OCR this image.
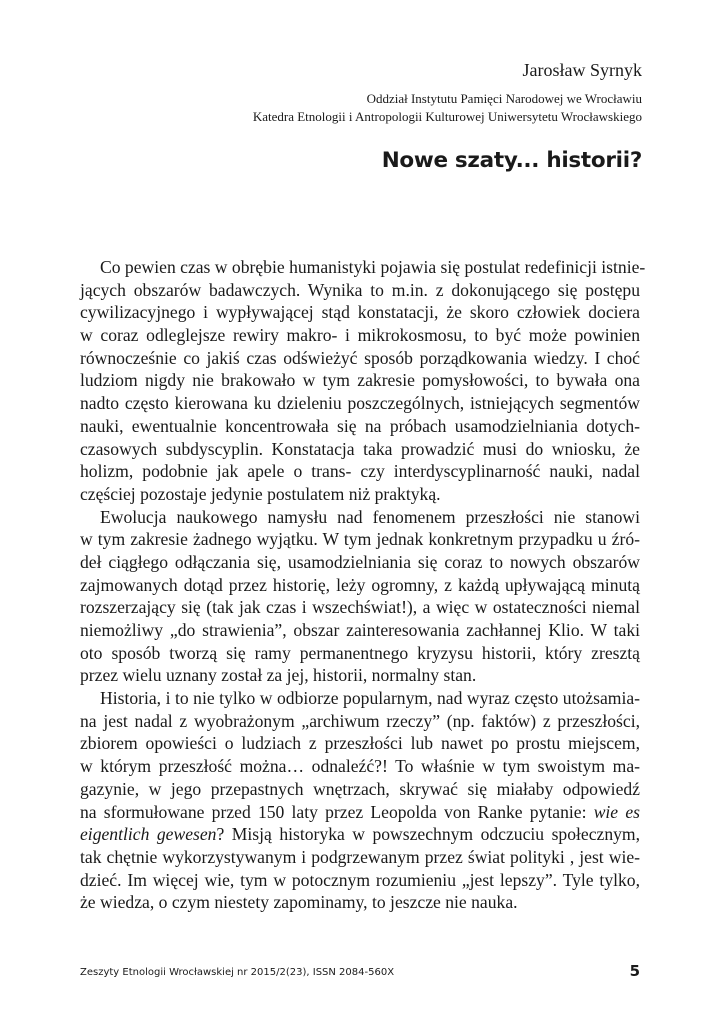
Jarosław Syrnyk
Oddział Instytutu Pamięci Narodowej we Wrocławiu
Katedra Etnologii i Antropologii Kulturowej Uniwersytetu Wrocławskiego
Nowe szaty... historii?
Co pewien czas w obrębie humanistyki pojawia się postulat redefinicji istnie-
jących obszarów badawczych. Wynika to m.in. z dokonującego się postępu
cywilizacyjnego i wypływającej stąd konstatacji, że skoro człowiek dociera
w coraz odleglejsze rewiry makro- i mikrokosmosu, to być może powinien
równocześnie co jakiś czas odświeżyć sposób porządkowania wiedzy. I choć
ludziom nigdy nie brakowało w tym zakresie pomysłowości, to bywała ona
nadto często kierowana ku dzieleniu poszczególnych, istniejących segmentów
nauki, ewentualnie koncentrowała się na próbach usamodzielniania dotych-
czasowych subdyscyplin. Konstatacja taka prowadzić musi do wniosku, że
holizm, podobnie jak apele o trans- czy interdyscyplinarność nauki, nadal
częściej pozostaje jedynie postulatem niż praktyką.
Ewolucja naukowego namysłu nad fenomenem przeszłości nie stanowi
w tym zakresie żadnego wyjątku. W tym jednak konkretnym przypadku u źró-
deł ciągłego odłączania się, usamodzielniania się coraz to nowych obszarów
zajmowanych dotąd przez historię, leży ogromny, z każdą upływającą minutą
rozszerzający się (tak jak czas i wszechświat!), a więc w ostateczności niemal
niemożliwy „do strawienia”, obszar zainteresowania zachłannej Klio. W taki
oto sposób tworzą się ramy permanentnego kryzysu historii, który zresztą
przez wielu uznany został za jej, historii, normalny stan.
Historia, i to nie tylko w odbiorze popularnym, nad wyraz często utożsamia-
na jest nadal z wyobrażonym „archiwum rzeczy” (np. faktów) z przeszłości,
zbiorem opowieści o ludziach z przeszłości lub nawet po prostu miejscem,
w którym przeszłość można… odnaleźć?! To właśnie w tym swoistym ma-
gazynie, w jego przepastnych wnętrzach, skrywać się miałaby odpowiedź
na sformułowane przed 150 laty przez Leopolda von Ranke pytanie: wie es
eigentlich gewesen? Misją historyka w powszechnym odczuciu społecznym,
tak chętnie wykorzystywanym i podgrzewanym przez świat polityki , jest wie-
dzieć. Im więcej wie, tym w potocznym rozumieniu „jest lepszy”. Tyle tylko,
że wiedza, o czym niestety zapominamy, to jeszcze nie nauka.
Zeszyty Etnologii Wrocławskiej nr 2015/2(23), ISSN 2084-560X	5
